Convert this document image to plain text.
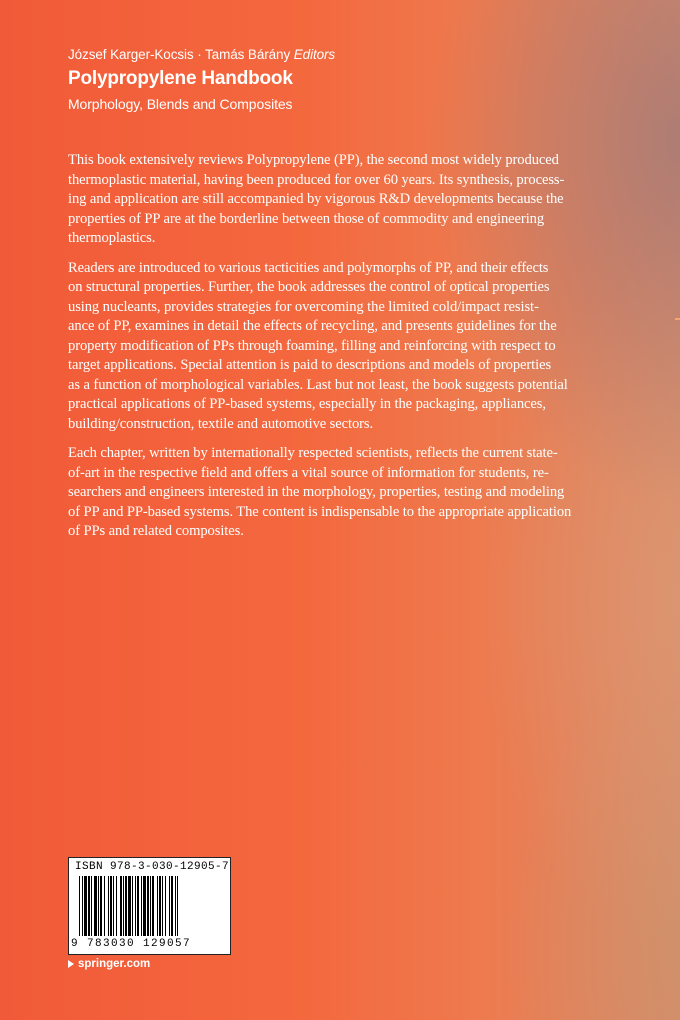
József Karger-Kocsis · Tamás Bárány Editors
Polypropylene Handbook
Morphology, Blends and Composites
This book extensively reviews Polypropylene (PP), the second most widely produced
thermoplastic material, having been produced for over 60 years. Its synthesis, process-
ing and application are still accompanied by vigorous R&D developments because the
properties of PP are at the borderline between those of commodity and engineering
thermoplastics.
Readers are introduced to various tacticities and polymorphs of PP, and their effects
on structural properties. Further, the book addresses the control of optical properties
using nucleants, provides strategies for overcoming the limited cold/impact resist-
ance of PP, examines in detail the effects of recycling, and presents guidelines for the
property modification of PPs through foaming, filling and reinforcing with respect to
target applications. Special attention is paid to descriptions and models of properties
as a function of morphological variables. Last but not least, the book suggests potential
practical applications of PP-based systems, especially in the packaging, appliances,
building/construction, textile and automotive sectors.
Each chapter, written by internationally respected scientists, reflects the current state-
of-art in the respective field and offers a vital source of information for students, re-
searchers and engineers interested in the morphology, properties, testing and modeling
of PP and PP-based systems. The content is indispensable to the appropriate application
of PPs and related composites.
ISBN 978-3-030-12905-7
9 783030 129057
springer.com
